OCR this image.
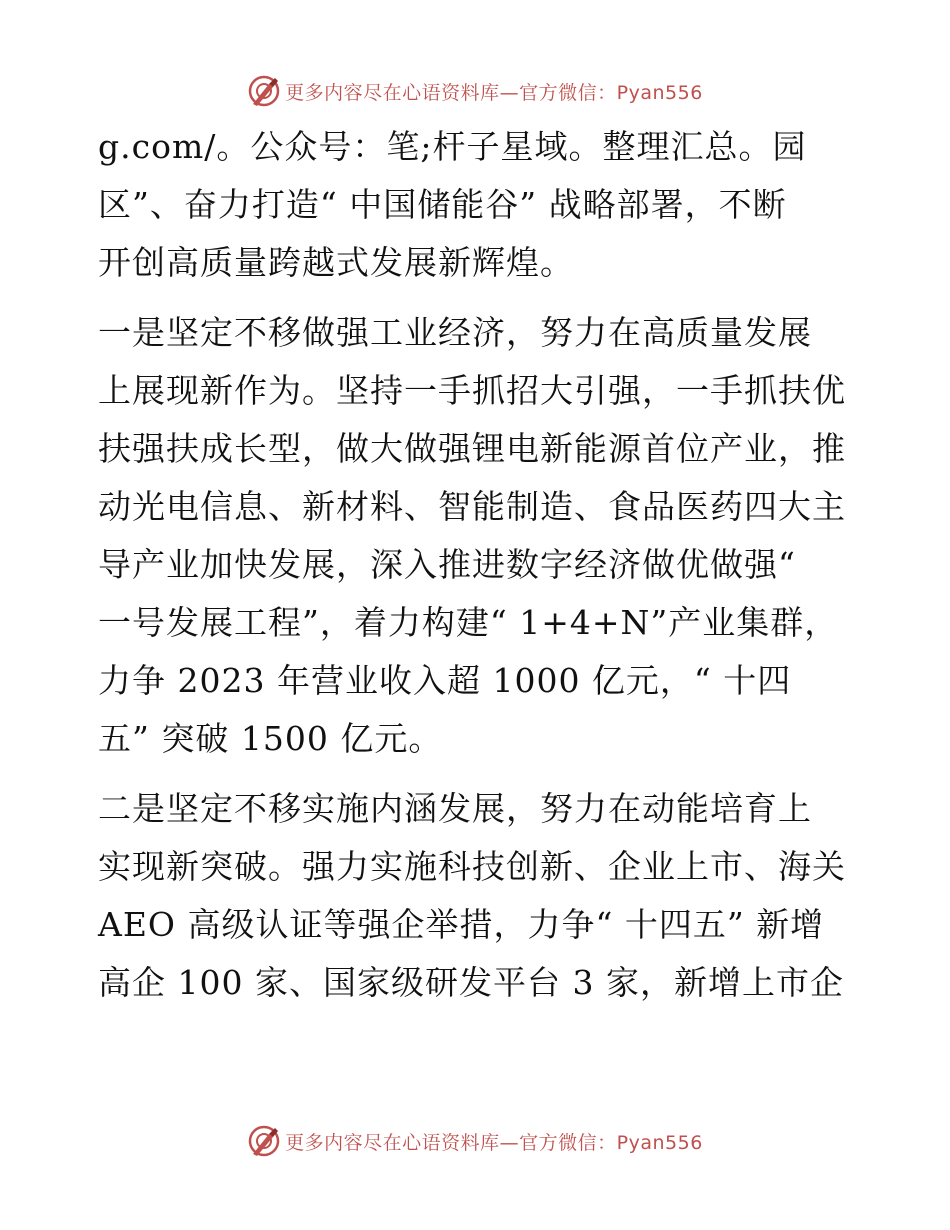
更多内容尽在心语资料库—官方微信：Pyan556
g.com/。公众号：笔;杆子星域。整理汇总。园
区”、奋力打造“ 中国储能谷” 战略部署，不断
开创高质量跨越式发展新辉煌。
一是坚定不移做强工业经济，努力在高质量发展
上展现新作为。坚持一手抓招大引强，一手抓扶优
扶强扶成长型，做大做强锂电新能源首位产业，推
动光电信息、新材料、智能制造、食品医药四大主
导产业加快发展，深入推进数字经济做优做强“
一号发展工程”，着力构建“ 1+4+N”产业集群，
力争 2023 年营业收入超 1000 亿元，“ 十四
五” 突破 1500 亿元。
二是坚定不移实施内涵发展，努力在动能培育上
实现新突破。强力实施科技创新、企业上市、海关
AEO 高级认证等强企举措，力争“ 十四五” 新增
高企 100 家、国家级研发平台 3 家，新增上市企
更多内容尽在心语资料库—官方微信：Pyan556
